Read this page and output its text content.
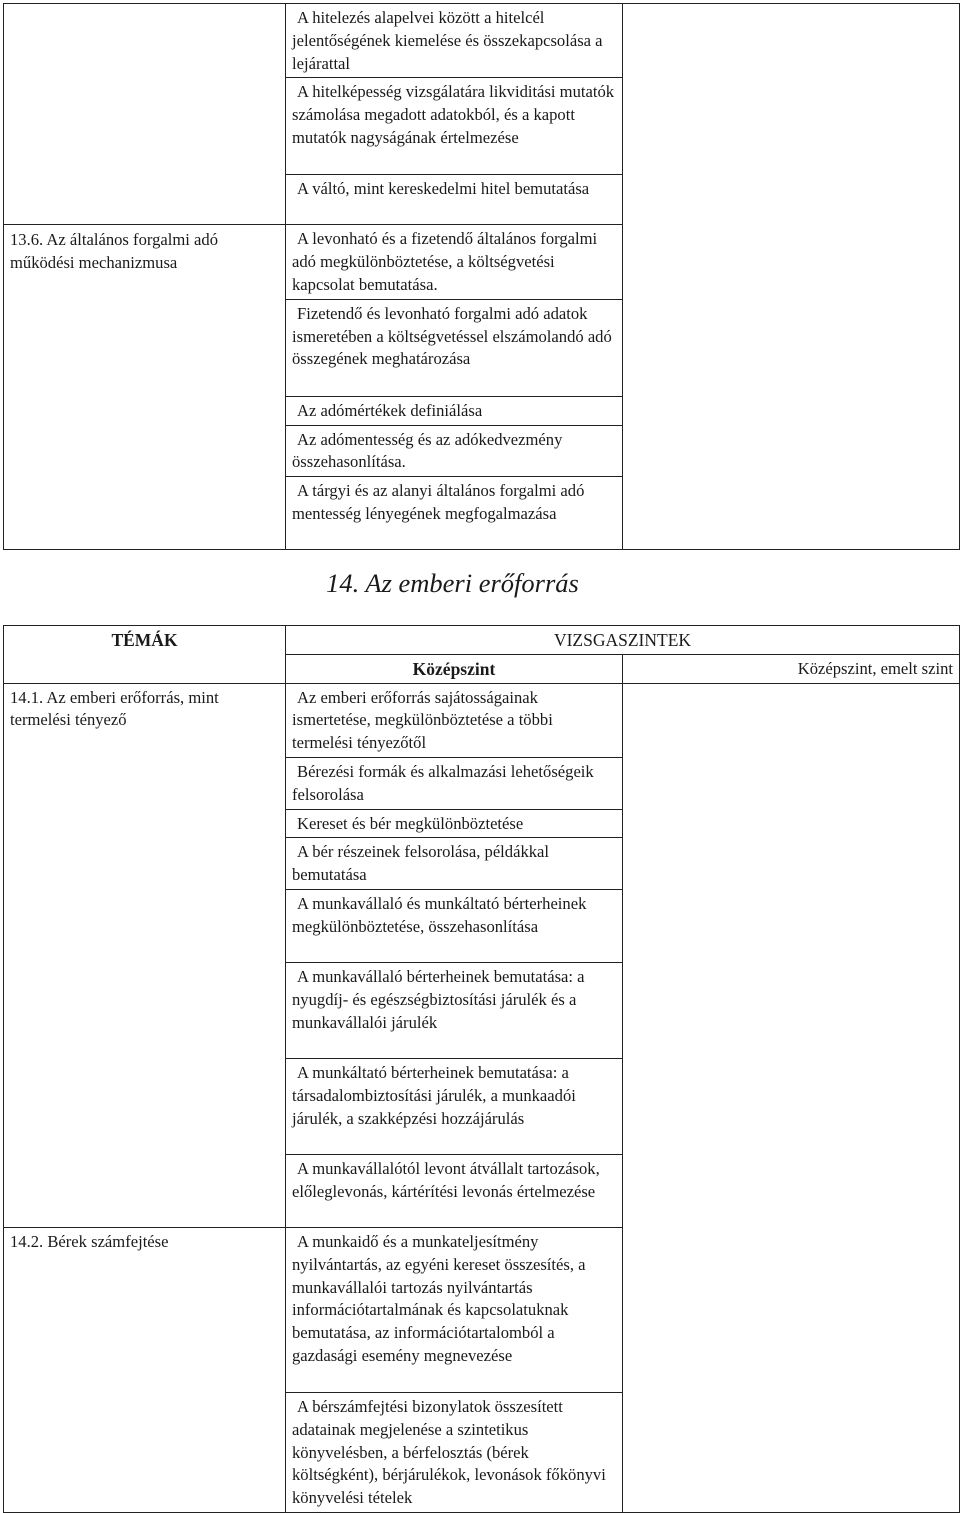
	A hitelezés alapelvei között a hitelcél jelentőségének kiemelése és összekapcsolása a lejárattal	
	A hitelképesség vizsgálatára likviditási mutatók számolása megadott adatokból, és a kapott mutatók nagyságának értelmezése	
	A váltó, mint kereskedelmi hitel bemutatása	
13.6. Az általános forgalmi adó működési mechanizmusa	A levonható és a fizetendő általános forgalmi adó megkülönböztetése, a költségvetési kapcsolat bemutatása.	
	Fizetendő és levonható forgalmi adó adatok ismeretében a költségvetéssel elszámolandó adó összegének meghatározása	
	Az adómértékek definiálása	
	Az adómentesség és az adókedvezmény összehasonlítása.	
	A tárgyi és az alanyi általános forgalmi adó mentesség lényegének megfogalmazása	
14. Az emberi erőforrás
TÉMÁK	VIZSGASZINTEK	
	Középszint	Középszint, emelt szint
14.1. Az emberi erőforrás, mint termelési tényező	Az emberi erőforrás sajátosságainak ismertetése, megkülönböztetése a többi termelési tényezőtől	
	Bérezési formák és alkalmazási lehetőségeik felsorolása	
	Kereset és bér megkülönböztetése	
	A bér részeinek felsorolása, példákkal bemutatása	
	A munkavállaló és munkáltató bérterheinek megkülönböztetése, összehasonlítása	
	A munkavállaló bérterheinek bemutatása: a nyugdíj- és egészségbiztosítási járulék és a munkavállalói járulék	
	A munkáltató bérterheinek bemutatása: a társadalombiztosítási járulék, a munkaadói járulék, a szakképzési hozzájárulás	
	A munkavállalótól levont átvállalt tartozások, előleglevonás, kártérítési levonás értelmezése	
14.2. Bérek számfejtése	A munkaidő és a munkateljesítmény nyilvántartás, az egyéni kereset összesítés, a munkavállalói tartozás nyilvántartás információtartalmának és kapcsolatuknak bemutatása, az információtartalomból a gazdasági esemény megnevezése	
	A bérszámfejtési bizonylatok összesített adatainak megjelenése a szintetikus könyvelésben, a bérfelosztás (bérek költségként), bérjárulékok, levonások főkönyvi könyvelési tételek	
